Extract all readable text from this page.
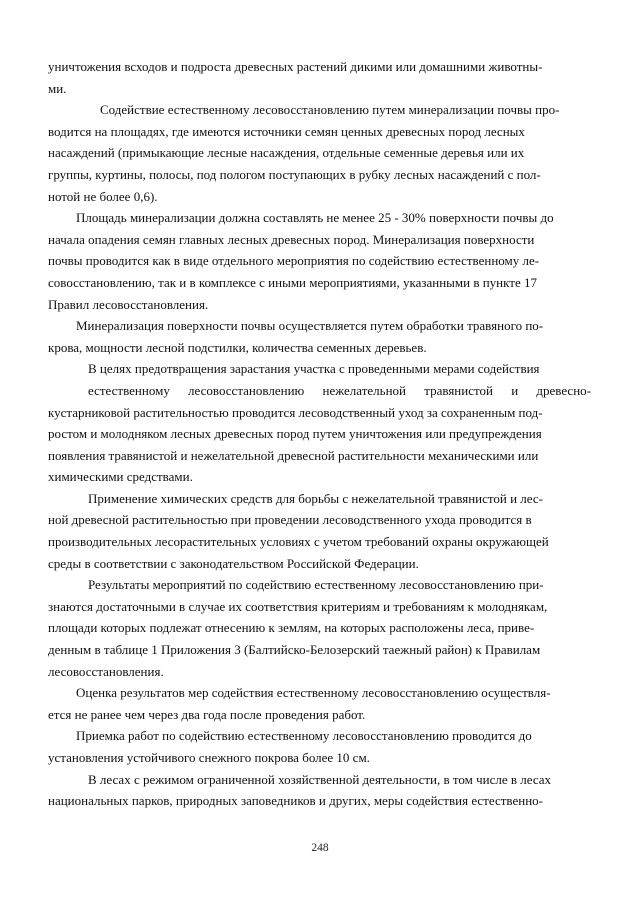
уничтожения всходов и подроста древесных растений дикими или домашними животны-
ми.

Содействие естественному лесовосстановлению путем минерализации почвы про-
водится на площадях, где имеются источники семян ценных древесных пород лесных
насаждений (примыкающие лесные насаждения, отдельные семенные деревья или их
группы, куртины, полосы, под пологом поступающих в рубку лесных насаждений с пол-
нотой не более 0,6).

Площадь минерализации должна составлять не менее 25 - 30% поверхности почвы до
начала опадения семян главных лесных древесных пород. Минерализация поверхности
почвы проводится как в виде отдельного мероприятия по содействию естественному ле-
совосстановлению, так и в комплексе с иными мероприятиями, указанными в пункте 17
Правил лесовосстановления.

Минерализация поверхности почвы осуществляется путем обработки травяного по-
крова, мощности лесной подстилки, количества семенных деревьев.

В целях предотвращения зарастания участка с проведенными мерами содействия
естественному лесовосстановлению нежелательной травянистой и древесно-
кустарниковой растительностью проводится лесоводственный уход за сохраненным под-
ростом и молодняком лесных древесных пород путем уничтожения или предупреждения
появления травянистой и нежелательной древесной растительности механическими или
химическими средствами.

Применение химических средств для борьбы с нежелательной травянистой и лес-
ной древесной растительностью при проведении лесоводственного ухода проводится в
производительных лесорастительных условиях с учетом требований охраны окружающей
среды в соответствии с законодательством Российской Федерации.

Результаты мероприятий по содействию естественному лесовосстановлению при-
знаются достаточными в случае их соответствия критериям и требованиям к молоднякам,
площади которых подлежат отнесению к землям, на которых расположены леса, приве-
денным в таблице 1 Приложения 3 (Балтийско-Белозерский таежный район) к Правилам
лесовосстановления.

Оценка результатов мер содействия естественному лесовосстановлению осуществля-
ется не ранее чем через два года после проведения работ.

Приемка работ по содействию естественному лесовосстановлению проводится до
установления устойчивого снежного покрова более 10 см.

В лесах с режимом ограниченной хозяйственной деятельности, в том числе в лесах
национальных парков, природных заповедников и других, меры содействия естественно-

248
